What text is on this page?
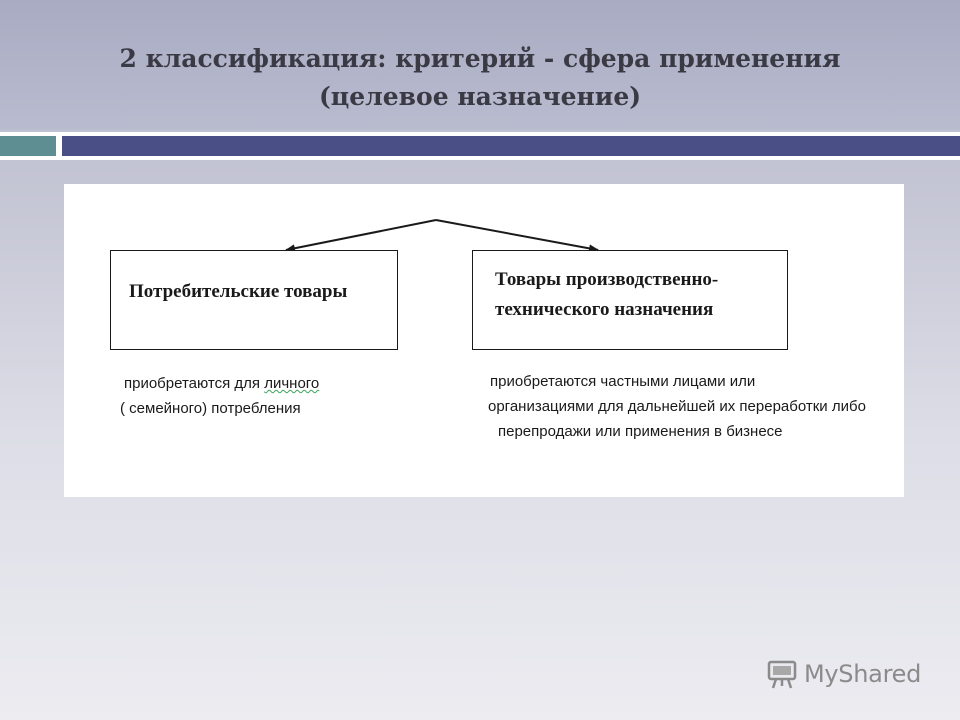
2 классификация: критерий - сфера применения
(целевое назначение)
Потребительские товары
Товары производственно-
технического назначения
приобретаются для личного
( семейного) потребления
приобретаются частными лицами или
организациями для дальнейшей их переработки либо
перепродажи или применения в бизнесе
MyShared
